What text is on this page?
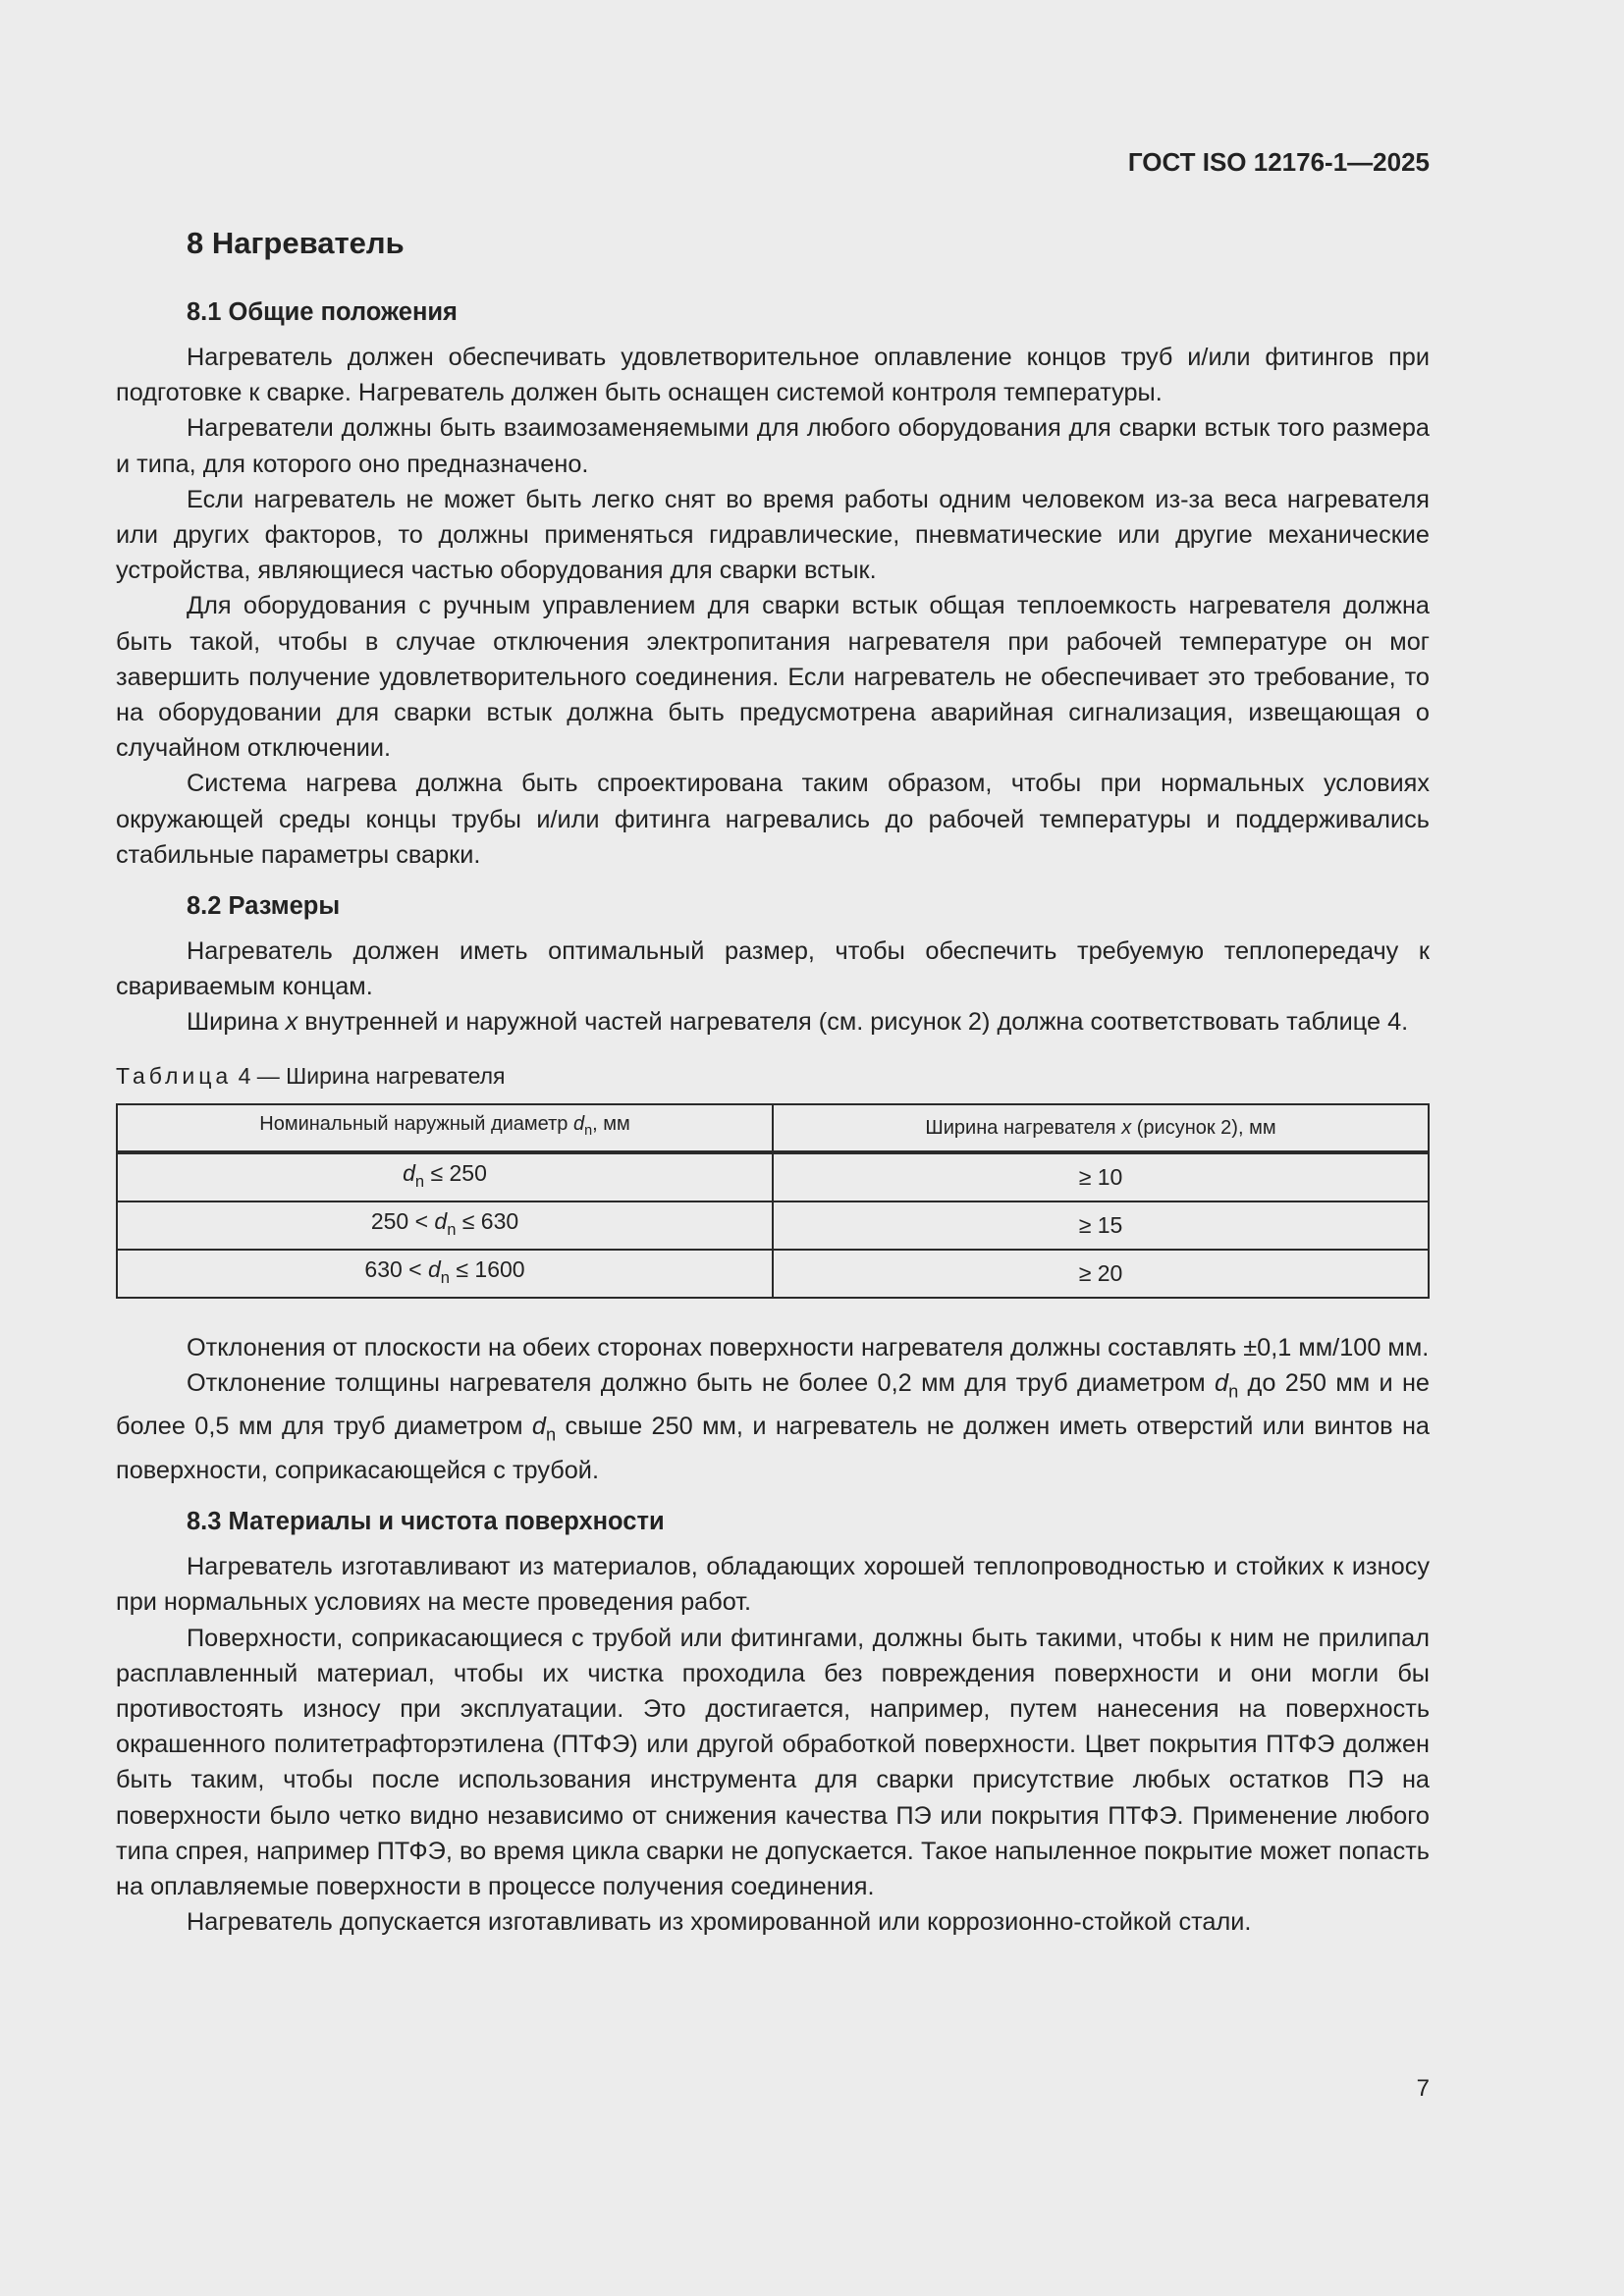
ГОСТ ISO 12176-1—2025
8 Нагреватель
8.1 Общие положения

Нагреватель должен обеспечивать удовлетворительное оплавление концов труб и/или фитингов при подготовке к сварке. Нагреватель должен быть оснащен системой контроля температуры.

Нагреватели должны быть взаимозаменяемыми для любого оборудования для сварки встык того размера и типа, для которого оно предназначено.

Если нагреватель не может быть легко снят во время работы одним человеком из-за веса нагревателя или других факторов, то должны применяться гидравлические, пневматические или другие механические устройства, являющиеся частью оборудования для сварки встык.

Для оборудования с ручным управлением для сварки встык общая теплоемкость нагревателя должна быть такой, чтобы в случае отключения электропитания нагревателя при рабочей температуре он мог завершить получение удовлетворительного соединения. Если нагреватель не обеспечивает это требование, то на оборудовании для сварки встык должна быть предусмотрена аварийная сигнализация, извещающая о случайном отключении.

Система нагрева должна быть спроектирована таким образом, чтобы при нормальных условиях окружающей среды концы трубы и/или фитинга нагревались до рабочей температуры и поддерживались стабильные параметры сварки.

8.2 Размеры

Нагреватель должен иметь оптимальный размер, чтобы обеспечить требуемую теплопередачу к свариваемым концам.

Ширина x внутренней и наружной частей нагревателя (см. рисунок 2) должна соответствовать таблице 4.

Таблица 4 — Ширина нагревателя
Номинальный наружный диаметр $d_n$, мм	Ширина нагревателя x (рисунок 2), мм
$d_n \le 250$	≥ 10
$250 < d_n \le 630$	≥ 15
$630 < d_n \le 1600$	≥ 20

Отклонения от плоскости на обеих сторонах поверхности нагревателя должны составлять ±0,1 мм/100 мм.

Отклонение толщины нагревателя должно быть не более 0,2 мм для труб диаметром $d_n$ до 250 мм и не более 0,5 мм для труб диаметром $d_n$ свыше 250 мм, и нагреватель не должен иметь отверстий или винтов на поверхности, соприкасающейся с трубой.

8.3 Материалы и чистота поверхности

Нагреватель изготавливают из материалов, обладающих хорошей теплопроводностью и стойких к износу при нормальных условиях на месте проведения работ.

Поверхности, соприкасающиеся с трубой или фитингами, должны быть такими, чтобы к ним не прилипал расплавленный материал, чтобы их чистка проходила без повреждения поверхности и они могли бы противостоять износу при эксплуатации. Это достигается, например, путем нанесения на поверхность окрашенного политетрафторэтилена (ПТФЭ) или другой обработкой поверхности. Цвет покрытия ПТФЭ должен быть таким, чтобы после использования инструмента для сварки присутствие любых остатков ПЭ на поверхности было четко видно независимо от снижения качества ПЭ или покрытия ПТФЭ. Применение любого типа спрея, например ПТФЭ, во время цикла сварки не допускается. Такое напыленное покрытие может попасть на оплавляемые поверхности в процессе получения соединения.

Нагреватель допускается изготавливать из хромированной или коррозионно-стойкой стали.

7
